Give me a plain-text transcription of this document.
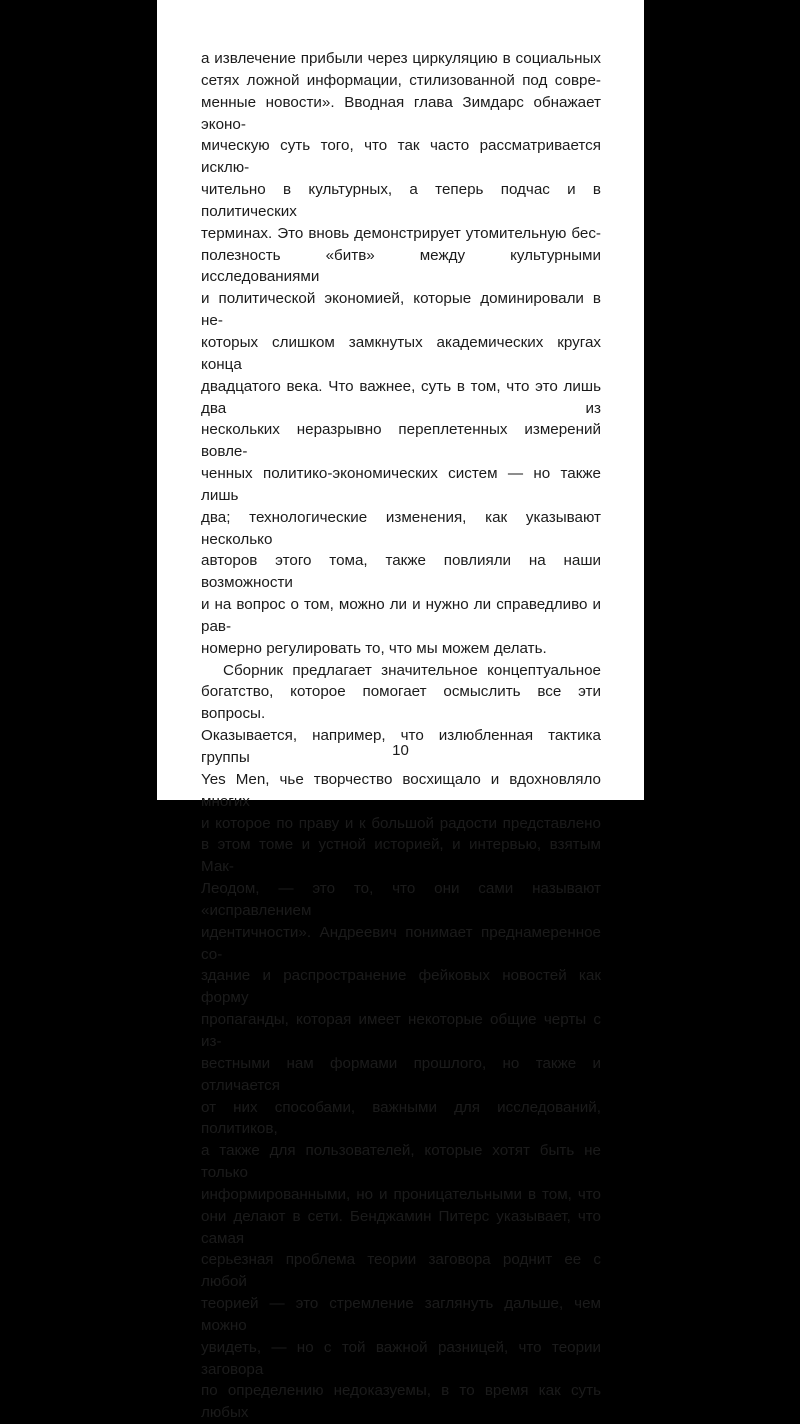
а извлечение прибыли через циркуляцию в социальных
сетях ложной информации, стилизованной под совре-
менные новости». Вводная глава Зимдарс обнажает эконо-
мическую суть того, что так часто рассматривается исклю-
чительно в культурных, а теперь подчас и в политических
терминах. Это вновь демонстрирует утомительную бес-
полезность «битв» между культурными исследованиями
и политической экономией, которые доминировали в не-
которых слишком замкнутых академических кругах конца
двадцатого века. Что важнее, суть в том, что это лишь два из
нескольких неразрывно переплетенных измерений вовле-
ченных политико-экономических систем — но также лишь
два; технологические изменения, как указывают несколько
авторов этого тома, также повлияли на наши возможности
и на вопрос о том, можно ли и нужно ли справедливо и рав-
номерно регулировать то, что мы можем делать.
Сборник предлагает значительное концептуальное
богатство, которое помогает осмыслить все эти вопросы.
Оказывается, например, что излюбленная тактика группы
Yes Men, чье творчество восхищало и вдохновляло многих
и которое по праву и к большой радости представлено
в этом томе и устной историей, и интервью, взятым Мак-
Леодом, — это то, что они сами называют «исправлением
идентичности». Андреевич понимает преднамеренное со-
здание и распространение фейковых новостей как форму
пропаганды, которая имеет некоторые общие черты с из-
вестными нам формами прошлого, но также и отличается
от них способами, важными для исследований, политиков,
а также для пользователей, которые хотят быть не только
информированными, но и проницательными в том, что
они делают в сети. Бенджамин Питерс указывает, что самая
серьезная проблема теории заговора роднит ее с любой
теорией — это стремление заглянуть дальше, чем можно
увидеть, — но с той важной разницей, что теории заговора
по определению недоказуемы, в то время как суть любых
10
